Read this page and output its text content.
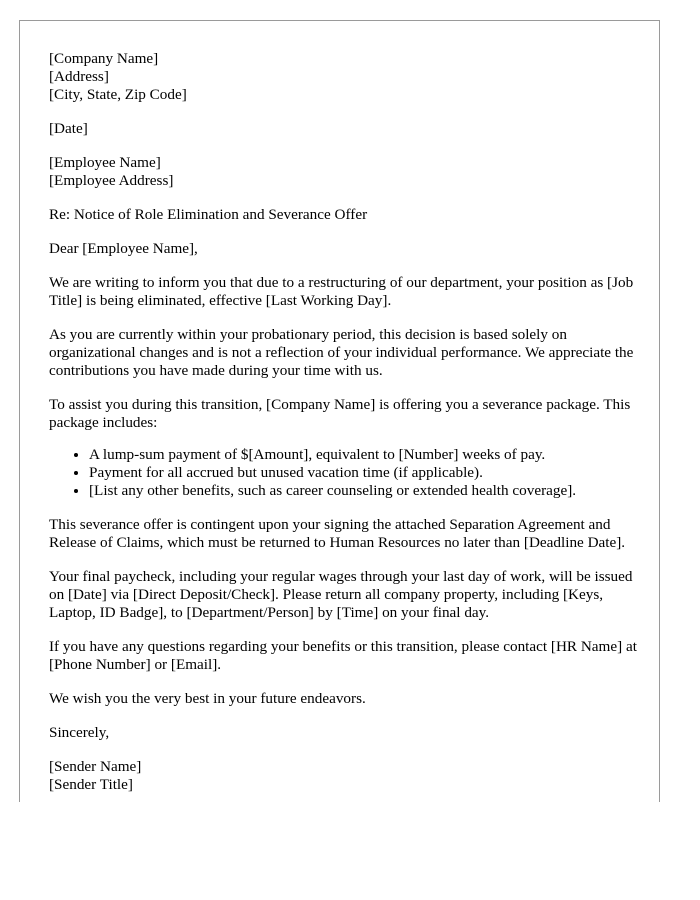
[Company Name]
[Address]
[City, State, Zip Code]

[Date]

[Employee Name]
[Employee Address]

Re: Notice of Role Elimination and Severance Offer

Dear [Employee Name],

We are writing to inform you that due to a restructuring of our department, your position as [Job Title] is being eliminated, effective [Last Working Day].

As you are currently within your probationary period, this decision is based solely on organizational changes and is not a reflection of your individual performance. We appreciate the contributions you have made during your time with us.

To assist you during this transition, [Company Name] is offering you a severance package. This package includes:

• A lump-sum payment of $[Amount], equivalent to [Number] weeks of pay.
• Payment for all accrued but unused vacation time (if applicable).
• [List any other benefits, such as career counseling or extended health coverage].

This severance offer is contingent upon your signing the attached Separation Agreement and Release of Claims, which must be returned to Human Resources no later than [Deadline Date].

Your final paycheck, including your regular wages through your last day of work, will be issued on [Date] via [Direct Deposit/Check]. Please return all company property, including [Keys, Laptop, ID Badge], to [Department/Person] by [Time] on your final day.

If you have any questions regarding your benefits or this transition, please contact [HR Name] at [Phone Number] or [Email].

We wish you the very best in your future endeavors.

Sincerely,

[Sender Name]
[Sender Title]
